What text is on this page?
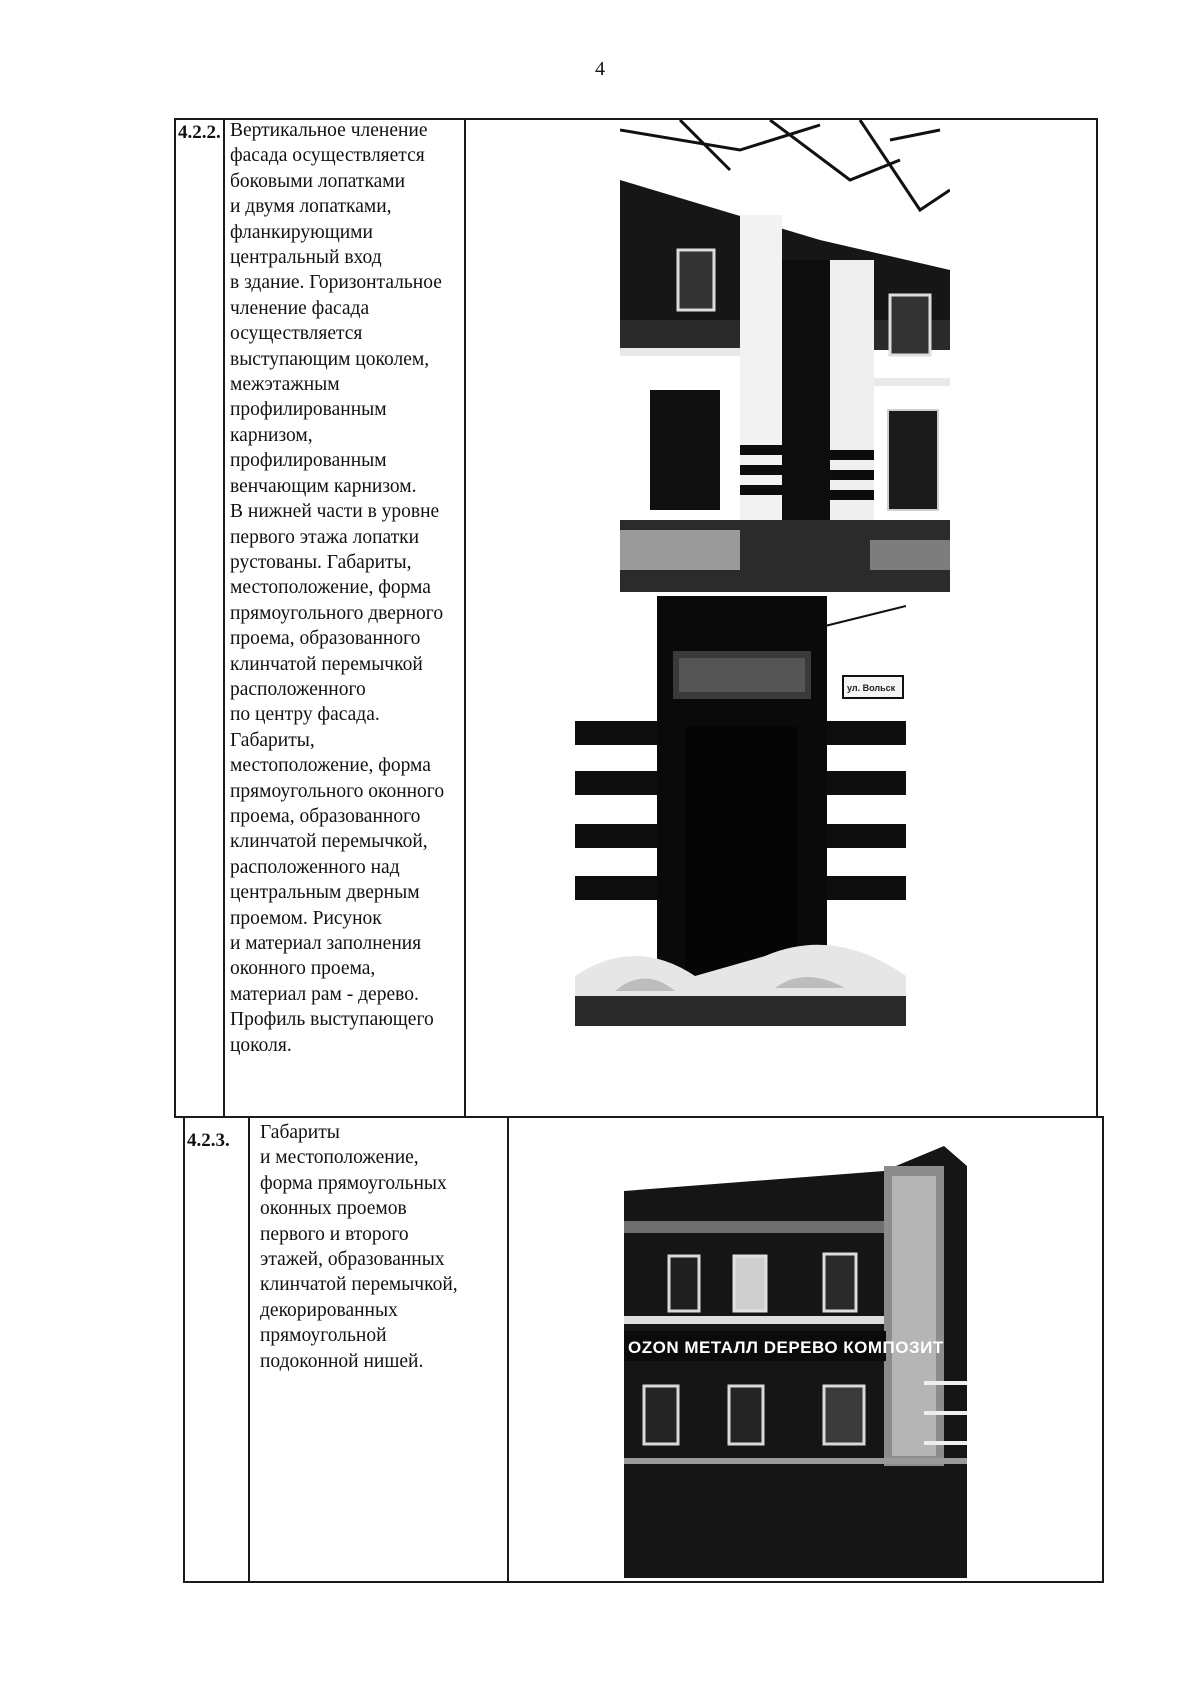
4
4.2.2. Вертикальное членение
фасада осуществляется
боковыми лопатками
и двумя лопатками,
фланкирующими
центральный вход
в здание. Горизонтальное
членение фасада
осуществляется
выступающим цоколем,
межэтажным
профилированным
карнизом,
профилированным
венчающим карнизом.
В нижней части в уровне
первого этажа лопатки
рустованы. Габариты,
местоположение, форма
прямоугольного дверного
проема, образованного
клинчатой перемычкой
расположенного
по центру фасада.
Габариты,
местоположение, форма
прямоугольного оконного
проема, образованного
клинчатой перемычкой,
расположенного над
центральным дверным
проемом. Рисунок
и материал заполнения
оконного проема,
материал рам - дерево.
Профиль выступающего
цоколя.
ул. Вольск
4.2.3. Габариты
и местоположение,
форма прямоугольных
оконных проемов
первого и второго
этажей, образованных
клинчатой перемычкой,
декорированных
прямоугольной
подоконной нишей.
OZON МЕТАЛЛ DЕРЕВО КОМПОЗИТ
